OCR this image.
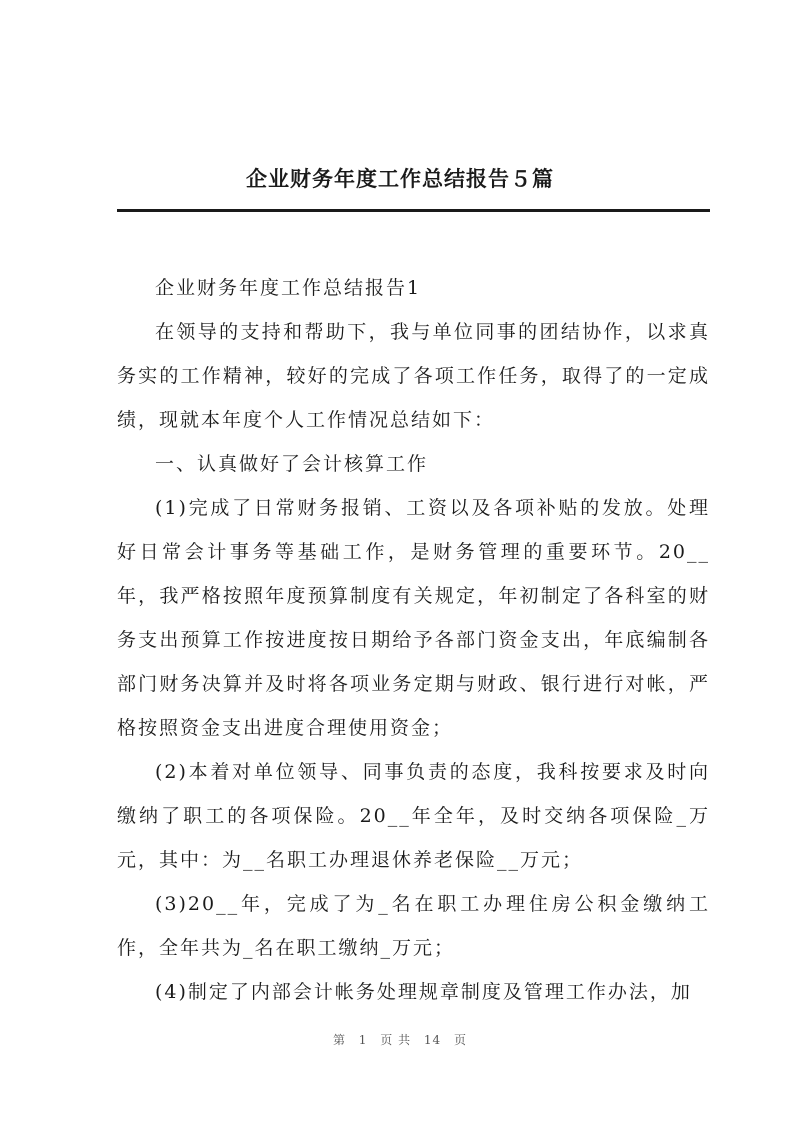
企业财务年度工作总结报告５篇

企业财务年度工作总结报告1

在领导的支持和帮助下，我与单位同事的团结协作，以求真务实的工作精神，较好的完成了各项工作任务，取得了的一定成绩，现就本年度个人工作情况总结如下：

一、认真做好了会计核算工作

(1)完成了日常财务报销、工资以及各项补贴的发放。处理好日常会计事务等基础工作，是财务管理的重要环节。20__年，我严格按照年度预算制度有关规定，年初制定了各科室的财务支出预算工作按进度按日期给予各部门资金支出，年底编制各部门财务决算并及时将各项业务定期与财政、银行进行对帐，严格按照资金支出进度合理使用资金；

(2)本着对单位领导、同事负责的态度，我科按要求及时向缴纳了职工的各项保险。20__年全年，及时交纳各项保险_万元，其中：为__名职工办理退休养老保险__万元；

(3)20__年，完成了为_名在职工办理住房公积金缴纳工作，全年共为_名在职工缴纳_万元；

(4)制定了内部会计帐务处理规章制度及管理工作办法，加

第 1 页 共 14 页
